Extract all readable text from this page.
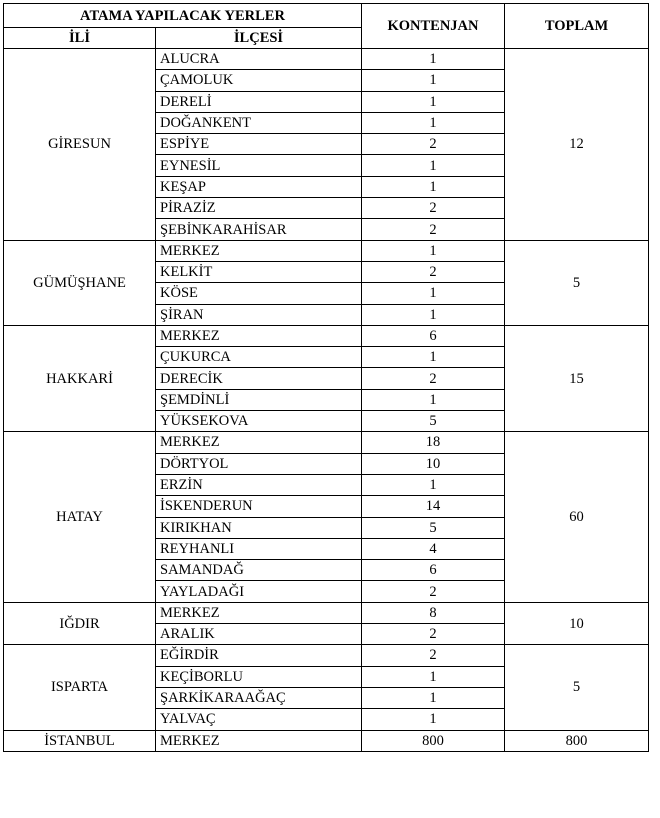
ATAMA YAPILACAK YERLER		KONTENJAN	TOPLAM
İLİ	İLÇESİ		
GİRESUN	ALUCRA	1	12
	ÇAMOLUK	1	
	DERELİ	1	
	DOĞANKENT	1	
	ESPİYE	2	
	EYNESİL	1	
	KEŞAP	1	
	PİRAZİZ	2	
	ŞEBİNKARAHİSAR	2	
GÜMÜŞHANE	MERKEZ	1	5
	KELKİT	2	
	KÖSE	1	
	ŞİRAN	1	
HAKKARİ	MERKEZ	6	15
	ÇUKURCA	1	
	DERECİK	2	
	ŞEMDİNLİ	1	
	YÜKSEKOVA	5	
HATAY	MERKEZ	18	60
	DÖRTYOL	10	
	ERZİN	1	
	İSKENDERUN	14	
	KIRIKHAN	5	
	REYHANLI	4	
	SAMANDAĞ	6	
	YAYLADAĞI	2	
IĞDIR	MERKEZ	8	10
	ARALIK	2	
ISPARTA	EĞİRDİR	2	5
	KEÇİBORLU	1	
	ŞARKİKARAAĞAÇ	1	
	YALVAÇ	1	
İSTANBUL	MERKEZ	800	800
